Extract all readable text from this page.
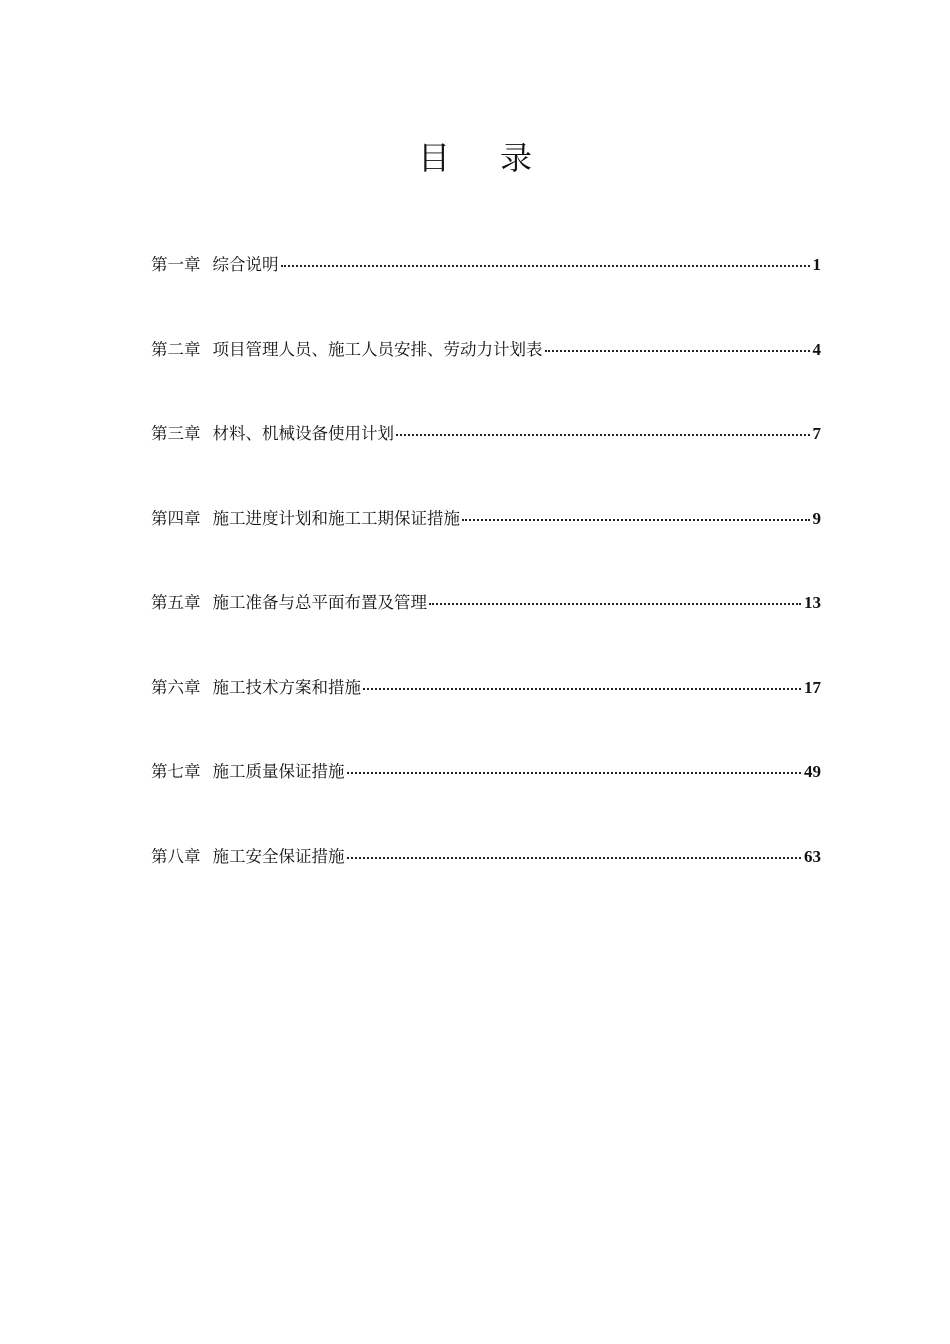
目录
第一章 综合说明	1
第二章 项目管理人员、施工人员安排、劳动力计划表	4
第三章 材料、机械设备使用计划	7
第四章 施工进度计划和施工工期保证措施	9
第五章 施工准备与总平面布置及管理	13
第六章 施工技术方案和措施	17
第七章 施工质量保证措施	49
第八章 施工安全保证措施	63
